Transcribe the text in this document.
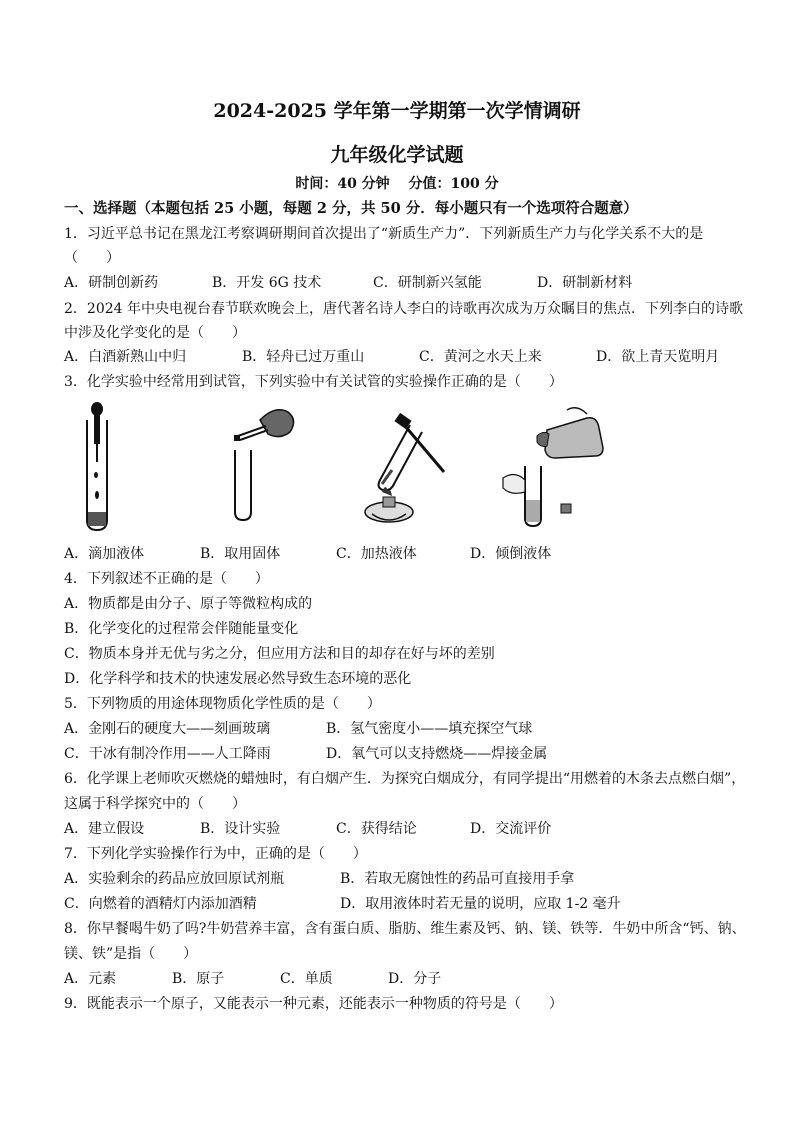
2024-2025 学年第一学期第一次学情调研
九年级化学试题
时间：40 分钟　 分值：100 分
一、选择题（本题包括 25 小题，每题 2 分，共 50 分．每小题只有一个选项符合题意）
1．习近平总书记在黑龙江考察调研期间首次提出了“新质生产力”．下列新质生产力与化学关系不大的是
（　　）
A．研制创新药	B．开发 6G 技术	C．研制新兴氢能	D．研制新材料
2．2024 年中央电视台春节联欢晚会上，唐代著名诗人李白的诗歌再次成为万众瞩目的焦点．下列李白的诗歌
中涉及化学变化的是（　　）
A．白酒新熟山中归	B．轻舟已过万重山	C．黄河之水天上来	D．欲上青天览明月
3．化学实验中经常用到试管，下列实验中有关试管的实验操作正确的是（　　）
A．滴加液体	B．取用固体	C．加热液体	D．倾倒液体
4．下列叙述不正确的是（　　）
A．物质都是由分子、原子等微粒构成的
B．化学变化的过程常会伴随能量变化
C．物质本身并无优与劣之分，但应用方法和目的却存在好与坏的差别
D．化学科学和技术的快速发展必然导致生态环境的恶化
5．下列物质的用途体现物质化学性质的是（　　）
A．金刚石的硬度大——刻画玻璃	B．氢气密度小——填充探空气球
C．干冰有制冷作用——人工降雨	D．氧气可以支持燃烧——焊接金属
6．化学课上老师吹灭燃烧的蜡烛时，有白烟产生．为探究白烟成分，有同学提出“用燃着的木条去点燃白烟”，
这属于科学探究中的（　　）
A．建立假设	B．设计实验	C．获得结论	D．交流评价
7．下列化学实验操作行为中，正确的是（　　）
A．实验剩余的药品应放回原试剂瓶	B．若取无腐蚀性的药品可直接用手拿
C．向燃着的酒精灯内添加酒精	D．取用液体时若无量的说明，应取 1-2 毫升
8．你早餐喝牛奶了吗?牛奶营养丰富，含有蛋白质、脂肪、维生素及钙、钠、镁、铁等．牛奶中所含“钙、钠、
镁、铁”是指（　　）
A．元素	B．原子	C．单质	D．分子
9．既能表示一个原子，又能表示一种元素，还能表示一种物质的符号是（　　）
